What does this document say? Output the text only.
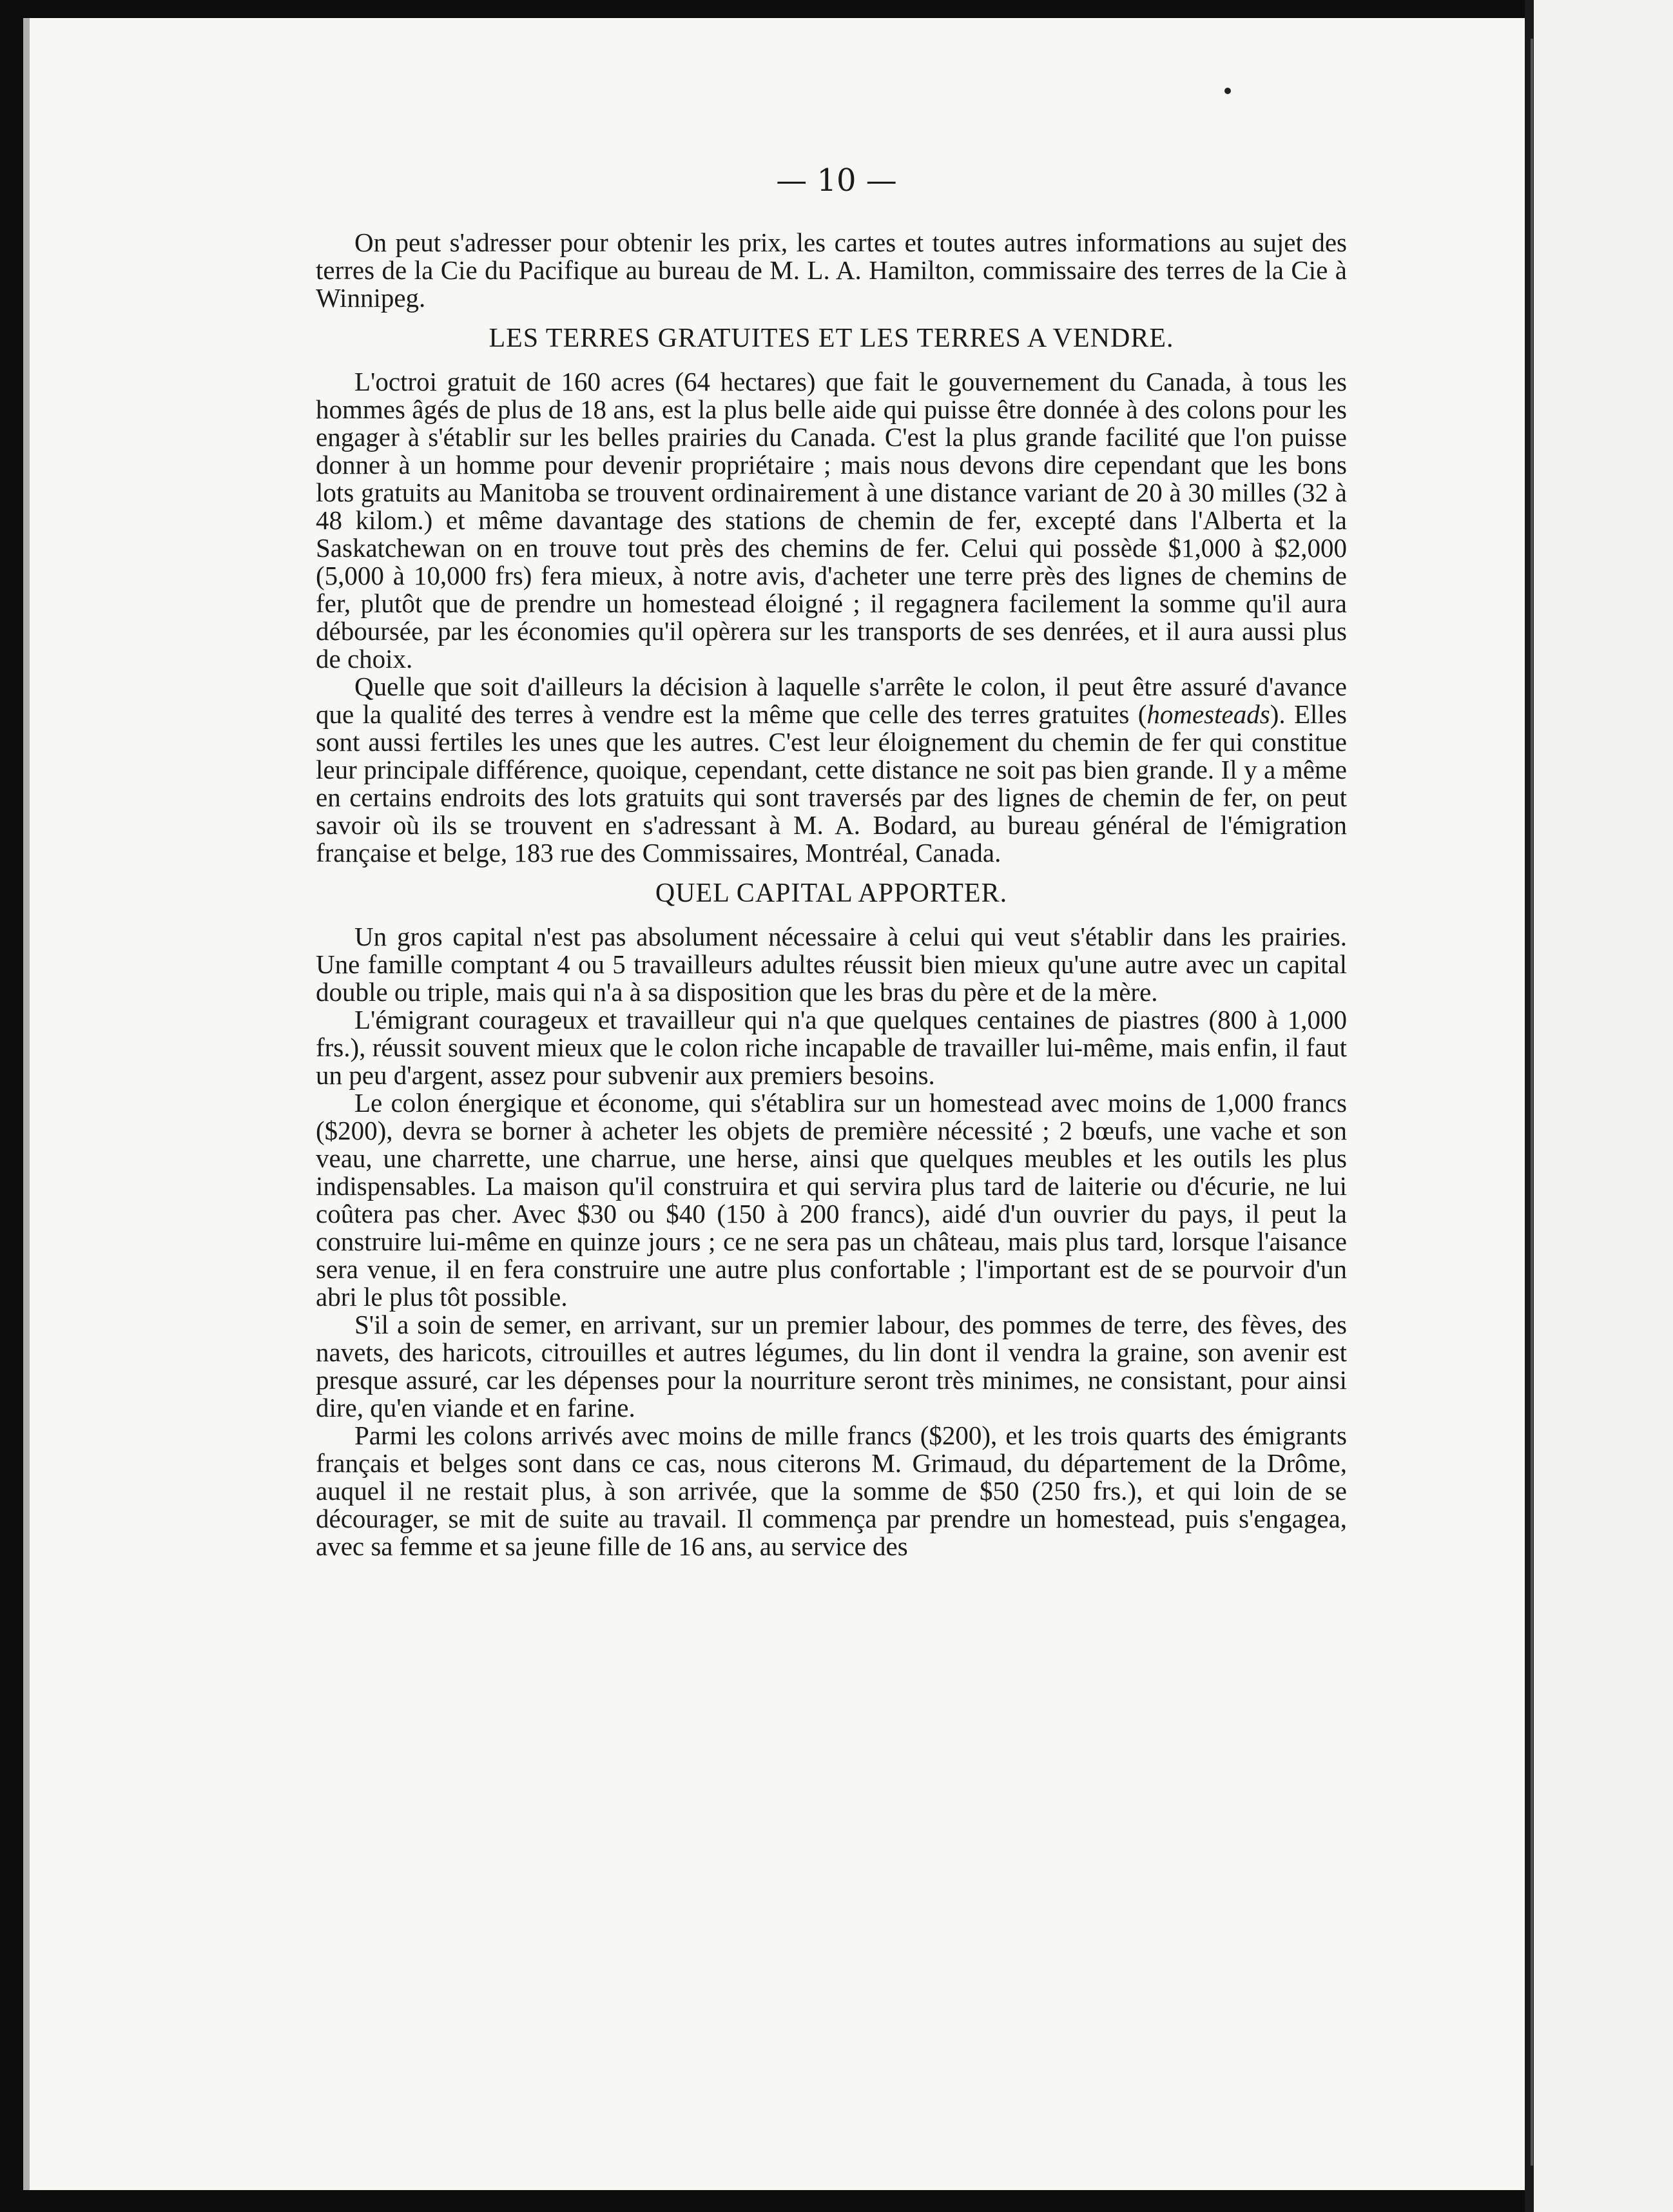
— 10 —

On peut s'adresser pour obtenir les prix, les cartes et toutes autres informations au sujet des terres de la Cie du Pacifique au bureau de M. L. A. Hamilton, commissaire des terres de la Cie à Winnipeg.

LES TERRES GRATUITES ET LES TERRES A VENDRE.

L'octroi gratuit de 160 acres (64 hectares) que fait le gouvernement du Canada, à tous les hommes âgés de plus de 18 ans, est la plus belle aide qui puisse être donnée à des colons pour les engager à s'établir sur les belles prairies du Canada. C'est la plus grande facilité que l'on puisse donner à un homme pour devenir propriétaire ; mais nous devons dire cependant que les bons lots gratuits au Manitoba se trouvent ordinairement à une distance variant de 20 à 30 milles (32 à 48 kilom.) et même davantage des stations de chemin de fer, excepté dans l'Alberta et la Saskatchewan on en trouve tout près des chemins de fer. Celui qui possède $1,000 à $2,000 (5,000 à 10,000 frs) fera mieux, à notre avis, d'acheter une terre près des lignes de chemins de fer, plutôt que de prendre un homestead éloigné ; il regagnera facilement la somme qu'il aura déboursée, par les économies qu'il opèrera sur les transports de ses denrées, et il aura aussi plus de choix.

Quelle que soit d'ailleurs la décision à laquelle s'arrête le colon, il peut être assuré d'avance que la qualité des terres à vendre est la même que celle des terres gratuites (homesteads). Elles sont aussi fertiles les unes que les autres. C'est leur éloignement du chemin de fer qui constitue leur principale différence, quoique, cependant, cette distance ne soit pas bien grande. Il y a même en certains endroits des lots gratuits qui sont traversés par des lignes de chemin de fer, on peut savoir où ils se trouvent en s'adressant à M. A. Bodard, au bureau général de l'émigration française et belge, 183 rue des Commissaires, Montréal, Canada.

QUEL CAPITAL APPORTER.

Un gros capital n'est pas absolument nécessaire à celui qui veut s'établir dans les prairies. Une famille comptant 4 ou 5 travailleurs adultes réussit bien mieux qu'une autre avec un capital double ou triple, mais qui n'a à sa disposition que les bras du père et de la mère.

L'émigrant courageux et travailleur qui n'a que quelques centaines de piastres (800 à 1,000 frs.), réussit souvent mieux que le colon riche incapable de travailler lui-même, mais enfin, il faut un peu d'argent, assez pour subvenir aux premiers besoins.

Le colon énergique et économe, qui s'établira sur un homestead avec moins de 1,000 francs ($200), devra se borner à acheter les objets de première nécessité ; 2 bœufs, une vache et son veau, une charrette, une charrue, une herse, ainsi que quelques meubles et les outils les plus indispensables. La maison qu'il construira et qui servira plus tard de laiterie ou d'écurie, ne lui coûtera pas cher. Avec $30 ou $40 (150 à 200 francs), aidé d'un ouvrier du pays, il peut la construire lui-même en quinze jours ; ce ne sera pas un château, mais plus tard, lorsque l'aisance sera venue, il en fera construire une autre plus confortable ; l'important est de se pourvoir d'un abri le plus tôt possible.

S'il a soin de semer, en arrivant, sur un premier labour, des pommes de terre, des fèves, des navets, des haricots, citrouilles et autres légumes, du lin dont il vendra la graine, son avenir est presque assuré, car les dépenses pour la nourriture seront très minimes, ne consistant, pour ainsi dire, qu'en viande et en farine.

Parmi les colons arrivés avec moins de mille francs ($200), et les trois quarts des émigrants français et belges sont dans ce cas, nous citerons M. Grimaud, du département de la Drôme, auquel il ne restait plus, à son arrivée, que la somme de $50 (250 frs.), et qui loin de se décourager, se mit de suite au travail. Il commença par prendre un homestead, puis s'engagea, avec sa femme et sa jeune fille de 16 ans, au service des
